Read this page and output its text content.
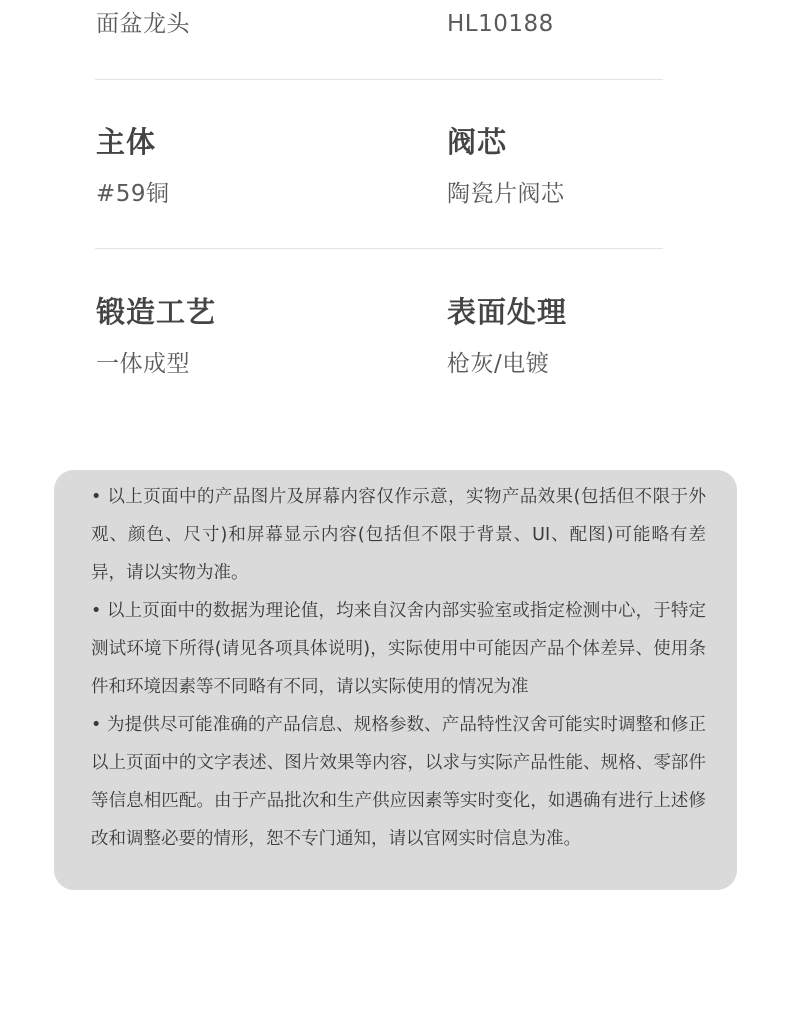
面盆龙头	HL10188
主体
#59铜
阀芯
陶瓷片阀芯
锻造工艺
一体成型
表面处理
枪灰/电镀
• 以上页面中的产品图片及屏幕内容仅作示意，实物产品效果(包括但不限于外观、颜色、尺寸)和屏幕显示内容(包括但不限于背景、UI、配图)可能略有差异，请以实物为准。
• 以上页面中的数据为理论值，均来自汉舍内部实验室或指定检测中心，于特定测试环境下所得(请见各项具体说明)，实际使用中可能因产品个体差异、使用条件和环境因素等不同略有不同，请以实际使用的情况为准
• 为提供尽可能准确的产品信息、规格参数、产品特性汉舍可能实时调整和修正以上页面中的文字表述、图片效果等内容，以求与实际产品性能、规格、零部件等信息相匹配。由于产品批次和生产供应因素等实时变化，如遇确有进行上述修改和调整必要的情形，恕不专门通知，请以官网实时信息为准。
